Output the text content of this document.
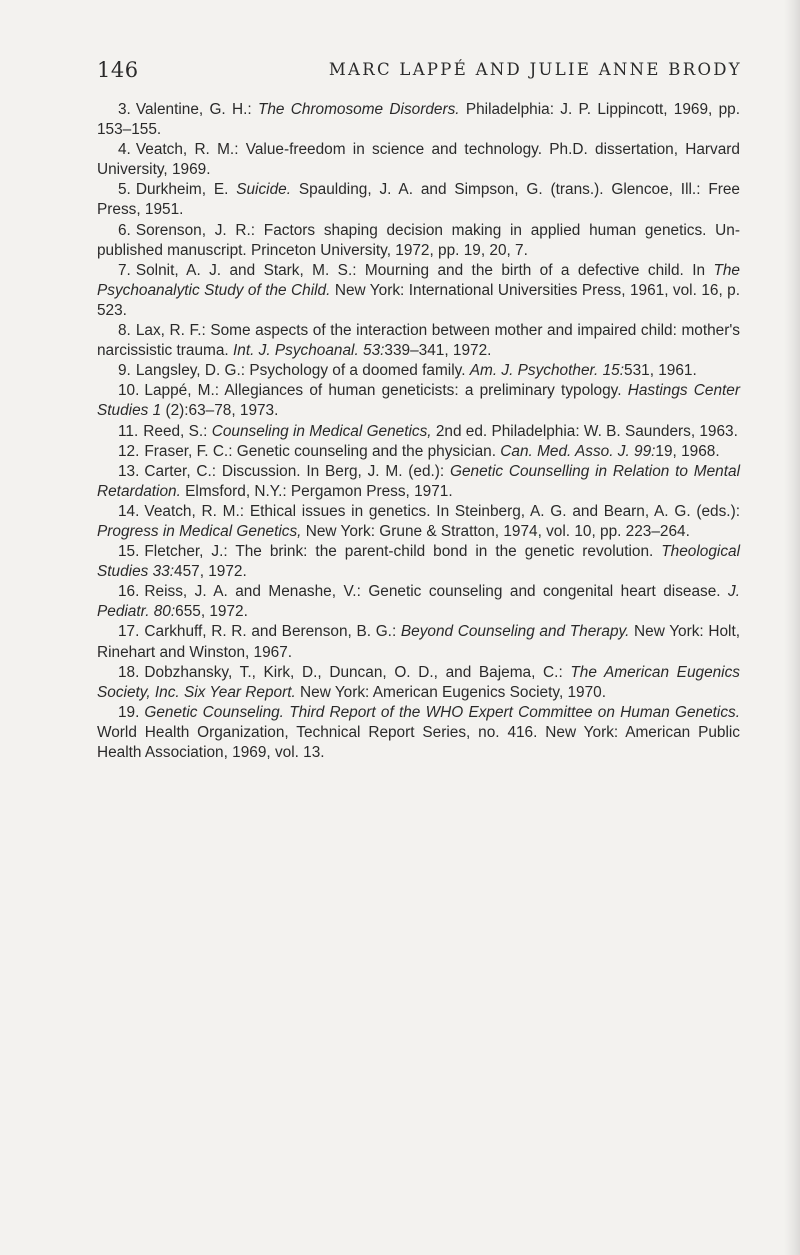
146	MARC LAPPÉ AND JULIE ANNE BRODY

3. Valentine, G. H.: The Chromosome Disorders. Philadelphia: J. P. Lippincott, 1969, pp. 153–155.

4. Veatch, R. M.: Value-freedom in science and technology. Ph.D. dissertation, Harvard University, 1969.

5. Durkheim, E. Suicide. Spaulding, J. A. and Simpson, G. (trans.). Glencoe, Ill.: Free Press, 1951.

6. Sorenson, J. R.: Factors shaping decision making in applied human genetics. Unpublished manuscript. Princeton University, 1972, pp. 19, 20, 7.

7. Solnit, A. J. and Stark, M. S.: Mourning and the birth of a defective child. In The Psychoanalytic Study of the Child. New York: International Universities Press, 1961, vol. 16, p. 523.

8. Lax, R. F.: Some aspects of the interaction between mother and impaired child: mother's narcissistic trauma. Int. J. Psychoanal. 53:339–341, 1972.

9. Langsley, D. G.: Psychology of a doomed family. Am. J. Psychother. 15:531, 1961.

10. Lappé, M.: Allegiances of human geneticists: a preliminary typology. Hastings Center Studies 1 (2):63–78, 1973.

11. Reed, S.: Counseling in Medical Genetics, 2nd ed. Philadelphia: W. B. Saunders, 1963.

12. Fraser, F. C.: Genetic counseling and the physician. Can. Med. Asso. J. 99:19, 1968.

13. Carter, C.: Discussion. In Berg, J. M. (ed.): Genetic Counselling in Relation to Mental Retardation. Elmsford, N.Y.: Pergamon Press, 1971.

14. Veatch, R. M.: Ethical issues in genetics. In Steinberg, A. G. and Bearn, A. G. (eds.): Progress in Medical Genetics, New York: Grune & Stratton, 1974, vol. 10, pp. 223–264.

15. Fletcher, J.: The brink: the parent-child bond in the genetic revolution. Theological Studies 33:457, 1972.

16. Reiss, J. A. and Menashe, V.: Genetic counseling and congenital heart disease. J. Pediatr. 80:655, 1972.

17. Carkhuff, R. R. and Berenson, B. G.: Beyond Counseling and Therapy. New York: Holt, Rinehart and Winston, 1967.

18. Dobzhansky, T., Kirk, D., Duncan, O. D., and Bajema, C.: The American Eugenics Society, Inc. Six Year Report. New York: American Eugenics Society, 1970.

19. Genetic Counseling. Third Report of the WHO Expert Committee on Human Genetics. World Health Organization, Technical Report Series, no. 416. New York: American Public Health Association, 1969, vol. 13.
